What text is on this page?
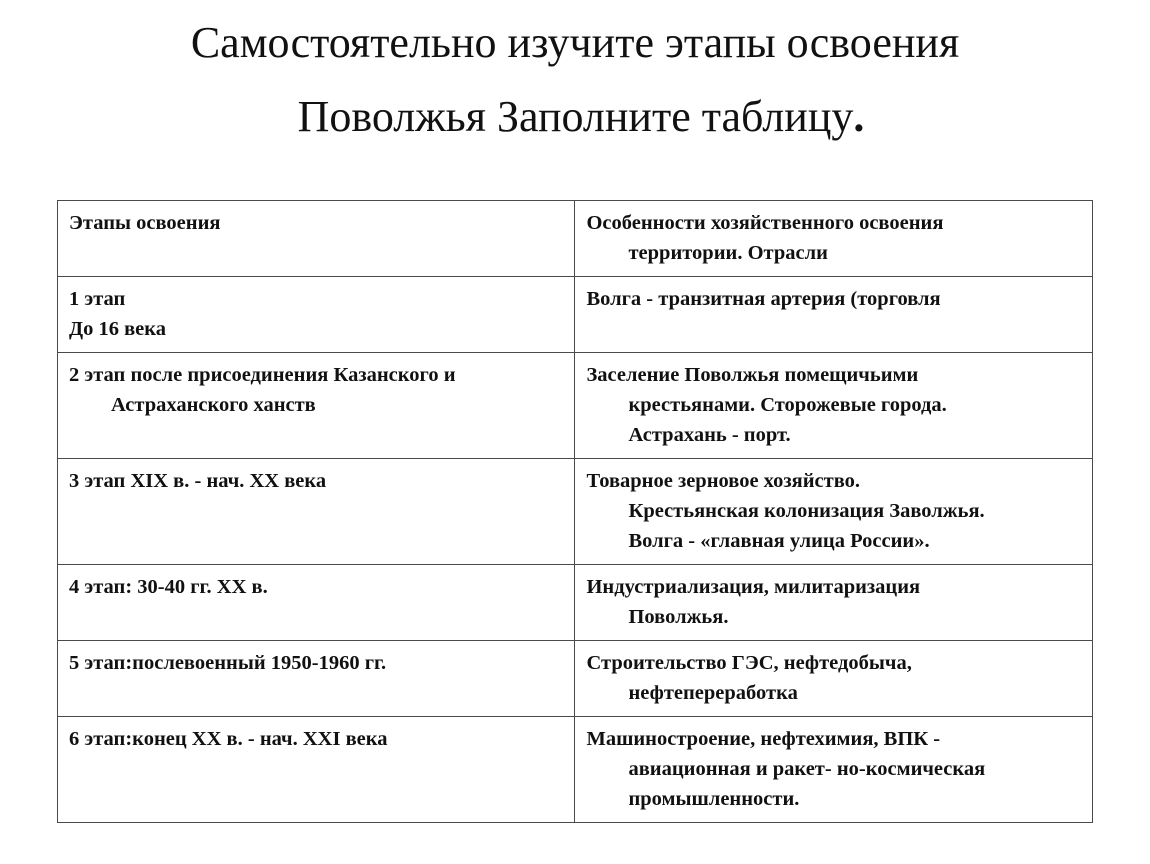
Самостоятельно изучите этапы освоения
Поволжья Заполните таблицу.
Этапы освоения	Особенности хозяйственного освоения
территории. Отрасли

1 этап
До 16 века	Волга - транзитная артерия (торговля

2 этап после присоединения Казанского и
Астраханского ханств	Заселение Поволжья помещичьими
крестьянами. Сторожевые города.
Астрахань - порт.

3 этап XIX в. - нач. XX века	Товарное зерновое хозяйство.
Крестьянская колонизация Заволжья.
Волга - «главная улица России».

4 этап: 30-40 гг. XX в.	Индустриализация, милитаризация
Поволжья.

5 этап:послевоенный 1950-1960 гг.	Строительство ГЭС, нефтедобыча,
нефтепереработка

6 этап:конец XX в. - нач. XXI века	Машиностроение, нефтехимия, ВПК -
авиационная и ракет- но-космическая
промышленности.
